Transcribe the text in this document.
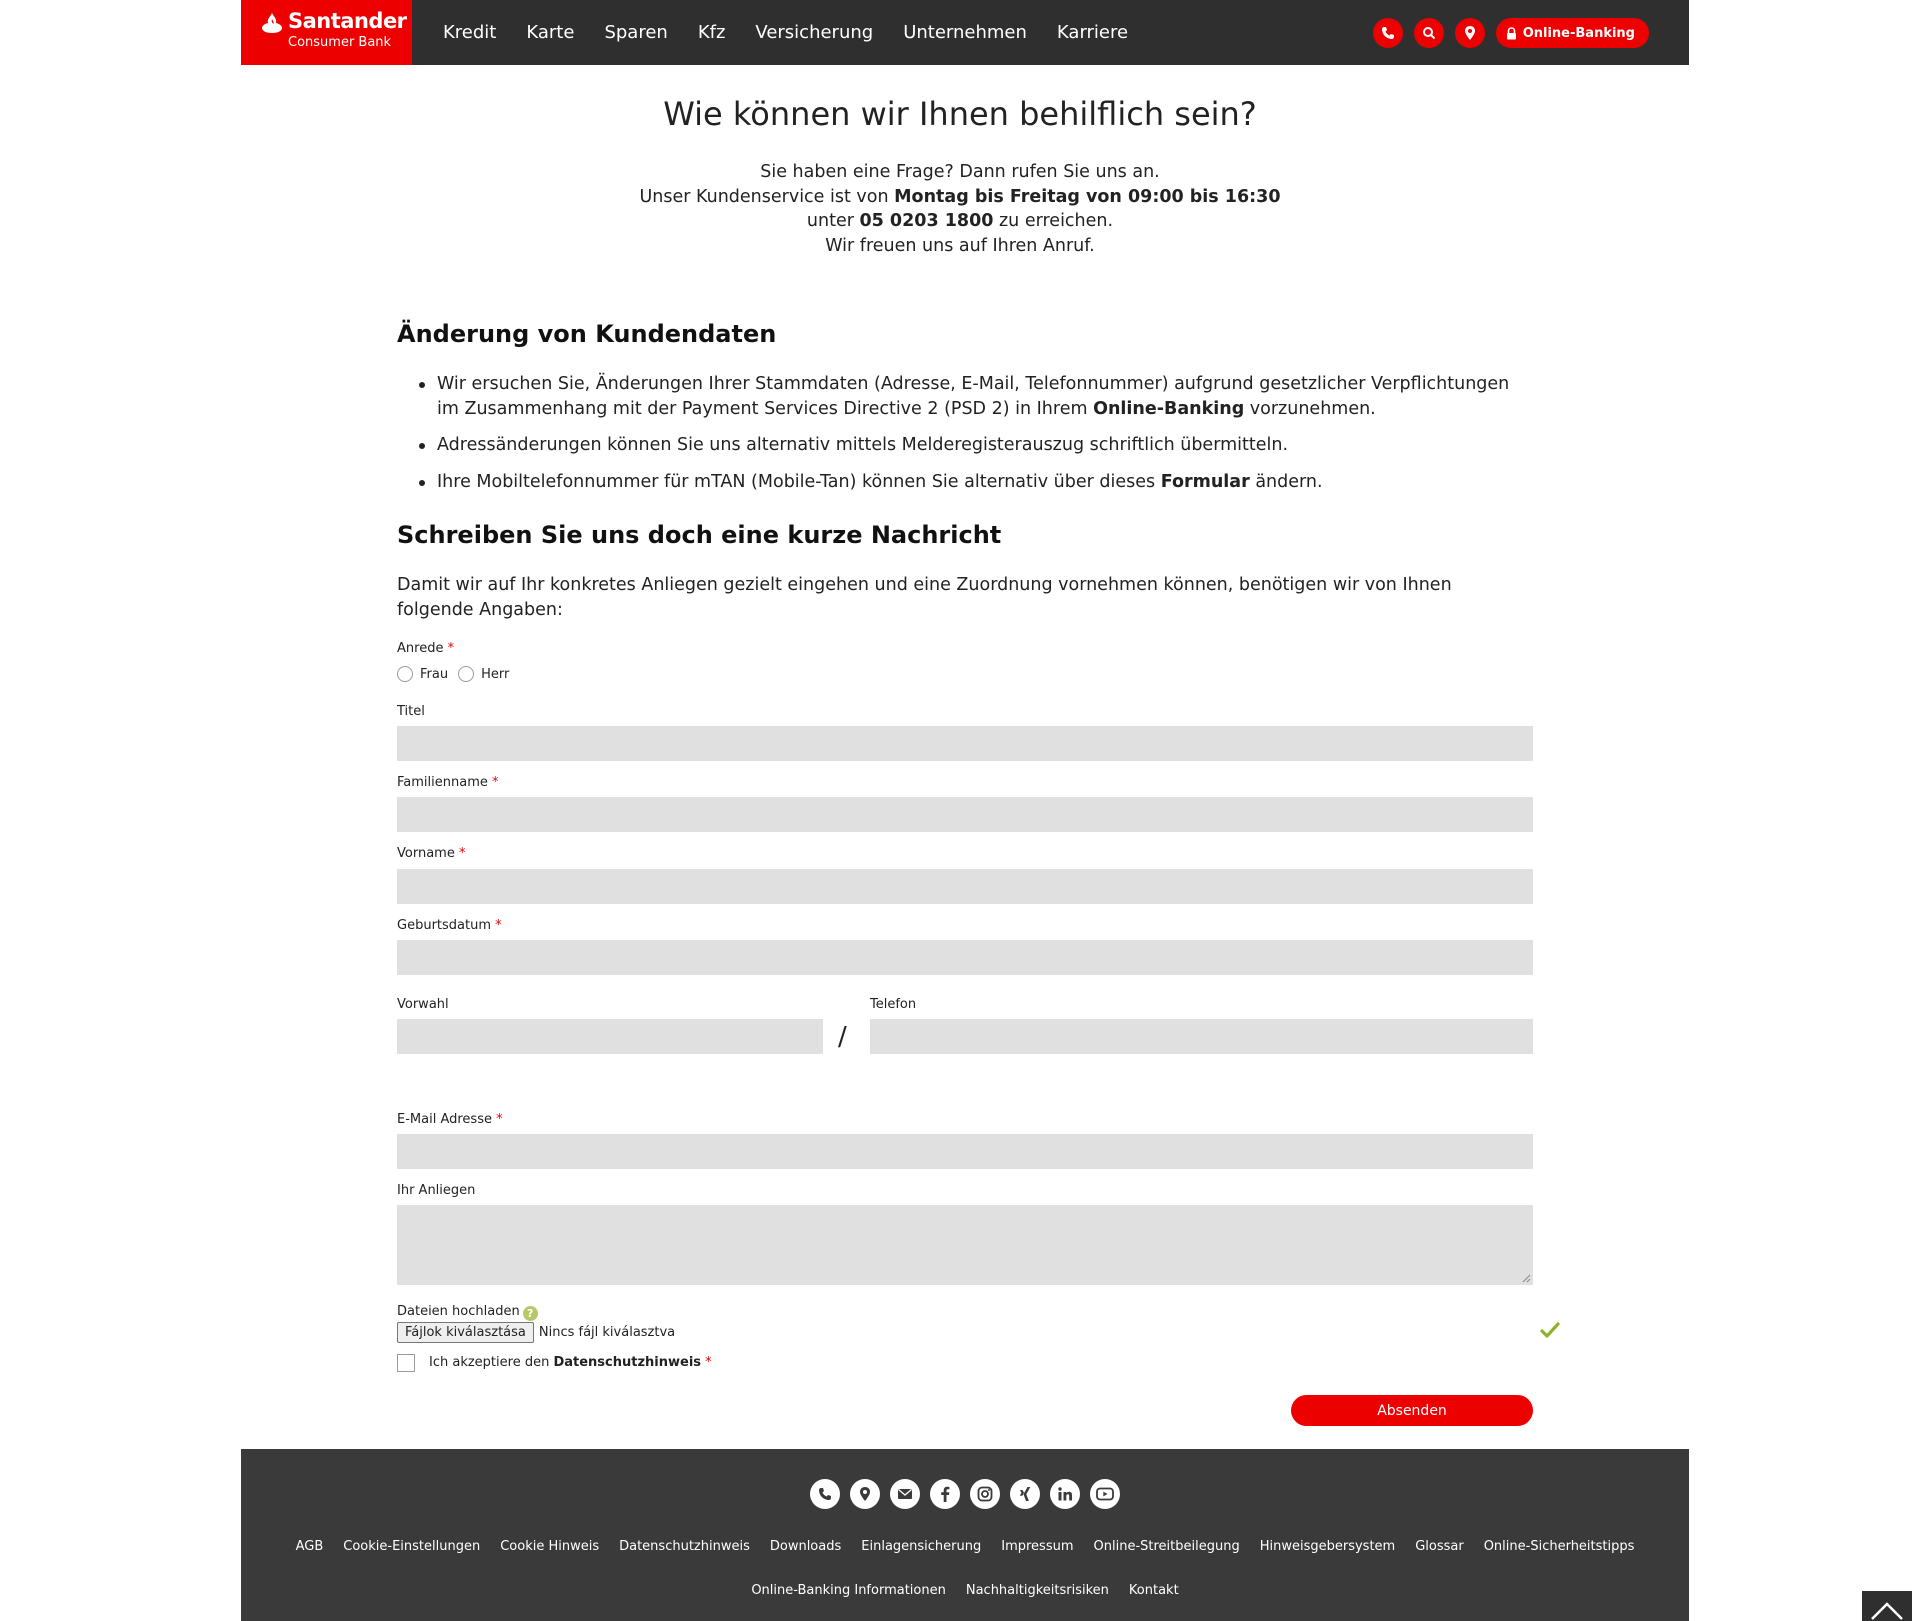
Santander
Consumer Bank	Kredit Karte Sparen Kfz Versicherung Unternehmen Karriere	Online-Banking
Wie können wir Ihnen behilflich sein?
Sie haben eine Frage? Dann rufen Sie uns an.
Unser Kundenservice ist von Montag bis Freitag von 09:00 bis 16:30
unter 05 0203 1800 zu erreichen.
Wir freuen uns auf Ihren Anruf.
Änderung von Kundendaten
Wir ersuchen Sie, Änderungen Ihrer Stammdaten (Adresse, E-Mail, Telefonnummer) aufgrund gesetzlicher Verpflichtungen im Zusammenhang mit der Payment Services Directive 2 (PSD 2) in Ihrem Online-Banking vorzunehmen.
Adressänderungen können Sie uns alternativ mittels Melderegisterauszug schriftlich übermitteln.
Ihre Mobiltelefonnummer für mTAN (Mobile-Tan) können Sie alternativ über dieses Formular ändern.
Schreiben Sie uns doch eine kurze Nachricht

Damit wir auf Ihr konkretes Anliegen gezielt eingehen und eine Zuordnung vornehmen können, benötigen wir von Ihnen folgende Angaben:

Anrede *
Frau	Herr
Titel
Familienname *
Vorname *
Geburtsdatum *
Vorwahl
/
Telefon
E-Mail Adresse *
Ihr Anliegen
Dateien hochladen ?
Fájlok kiválasztása	Nincs fájl kiválasztva
Ich akzeptiere den Datenschutzhinweis *
Absenden
AGB Cookie-Einstellungen Cookie Hinweis Datenschutzhinweis Downloads Einlagensicherung Impressum Online-Streitbeilegung Hinweisgebersystem Glossar Online-Sicherheitstipps
Online-Banking Informationen Nachhaltigkeitsrisiken Kontakt
